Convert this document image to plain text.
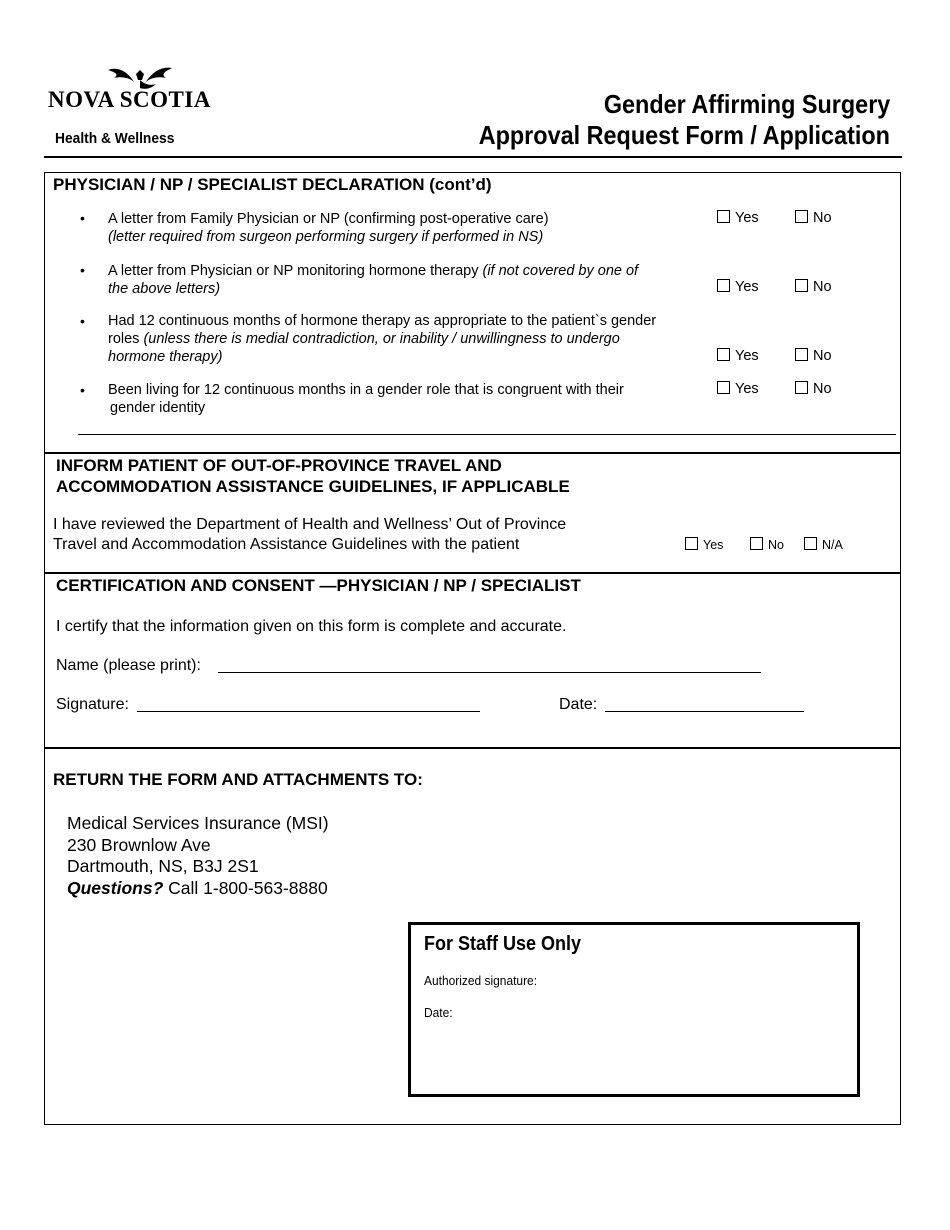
NOVA SCOTIA
Health & Wellness
Gender Affirming Surgery
Approval Request Form / Application
PHYSICIAN / NP / SPECIALIST DECLARATION (cont’d)
• A letter from Family Physician or NP (confirming post-operative care)
(letter required from surgeon performing surgery if performed in NS)
Yes	No
• A letter from Physician or NP monitoring hormone therapy (if not covered by one of
the above letters)	Yes	No
• Had 12 continuous months of hormone therapy as appropriate to the patient`s gender
roles (unless there is medial contradiction, or inability / unwillingness to undergo
hormone therapy)	Yes	No
• Been living for 12 continuous months in a gender role that is congruent with their
gender identity
Yes	No
INFORM PATIENT OF OUT-OF-PROVINCE TRAVEL AND
ACCOMMODATION ASSISTANCE GUIDELINES, IF APPLICABLE
I have reviewed the Department of Health and Wellness’ Out of Province
Travel and Accommodation Assistance Guidelines with the patient	Yes	No	N/A
CERTIFICATION AND CONSENT —PHYSICIAN / NP / SPECIALIST
I certify that the information given on this form is complete and accurate.
Name (please print):
Signature:	Date:
RETURN THE FORM AND ATTACHMENTS TO:
Medical Services Insurance (MSI)
230 Brownlow Ave
Dartmouth, NS, B3J 2S1
Questions? Call 1-800-563-8880
For Staff Use Only
Authorized signature:
Date:
